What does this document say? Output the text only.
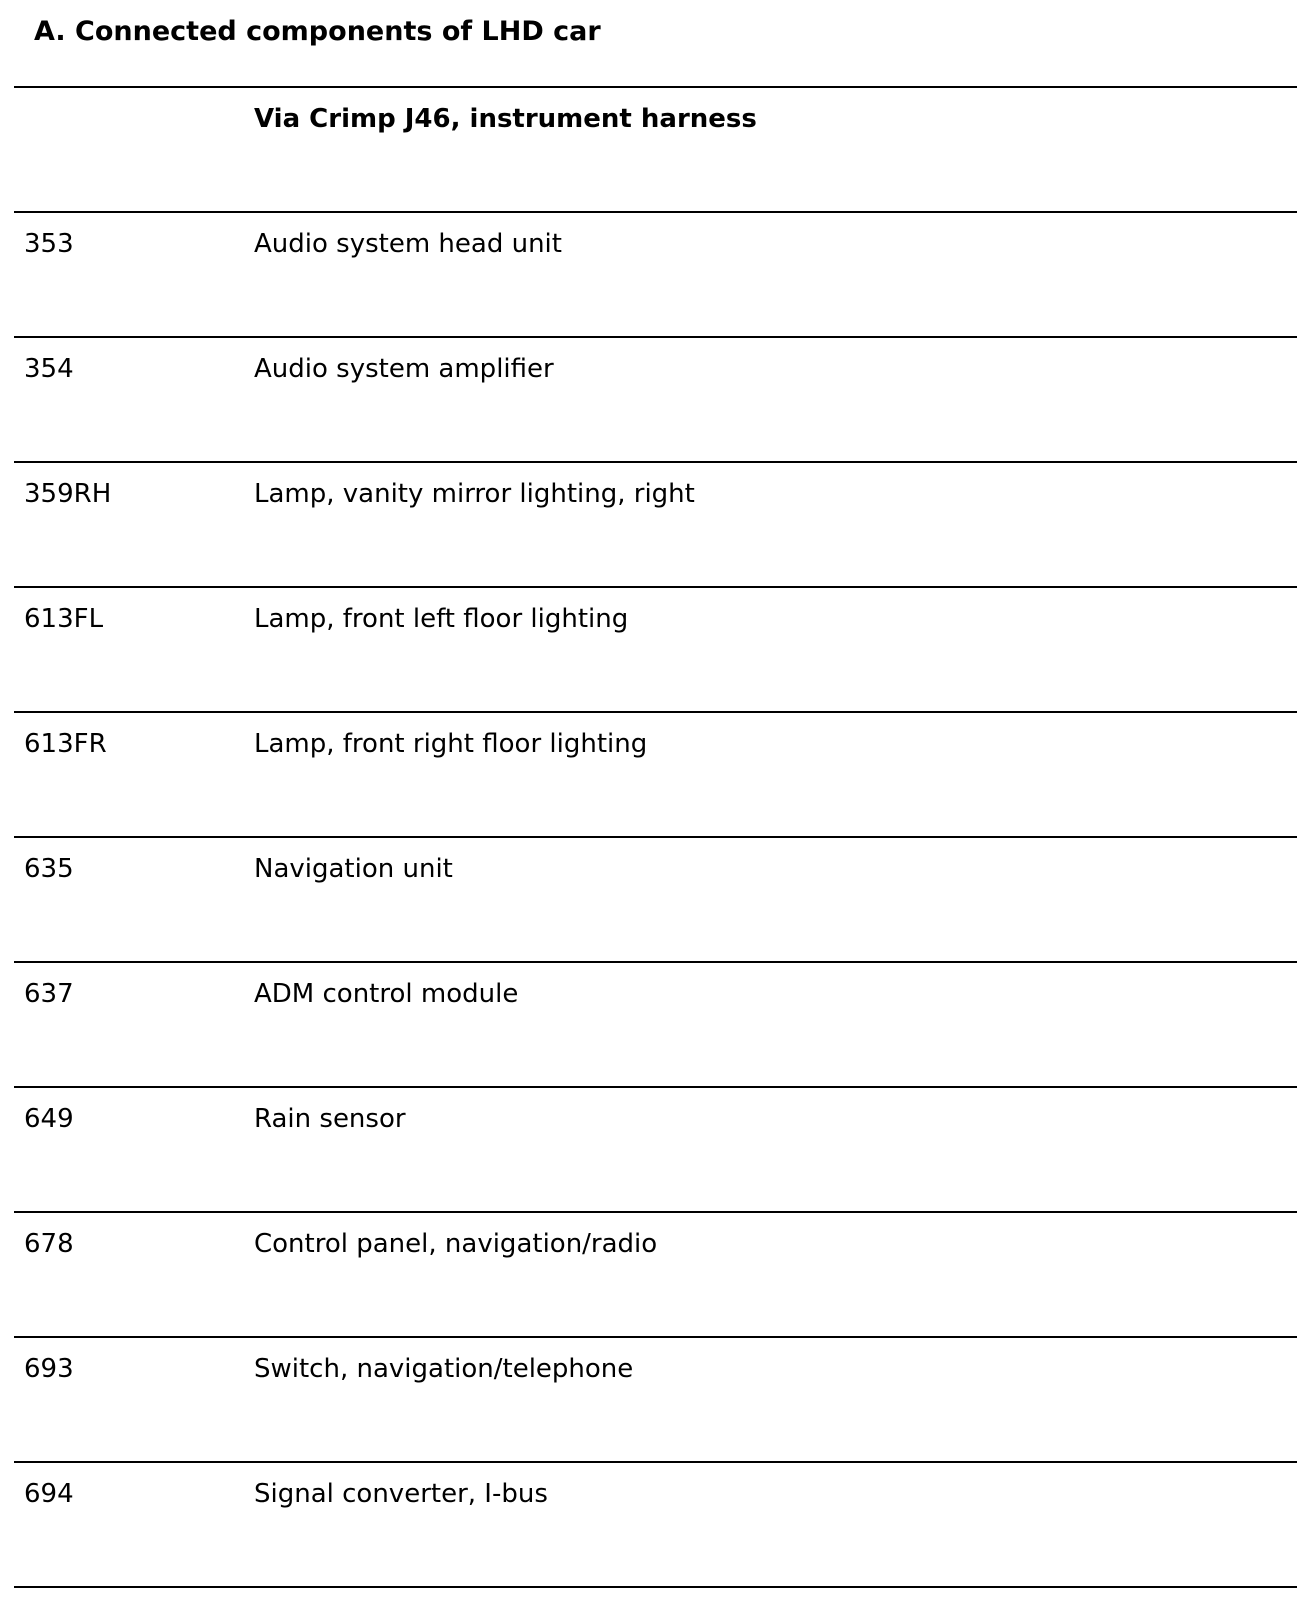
A. Connected components of LHD car
Via Crimp J46, instrument harness
353	Audio system head unit
354	Audio system amplifier
359RH	Lamp, vanity mirror lighting, right
613FL	Lamp, front left floor lighting
613FR	Lamp, front right floor lighting
635	Navigation unit
637	ADM control module
649	Rain sensor
678	Control panel, navigation/radio
693	Switch, navigation/telephone
694	Signal converter, I-bus
